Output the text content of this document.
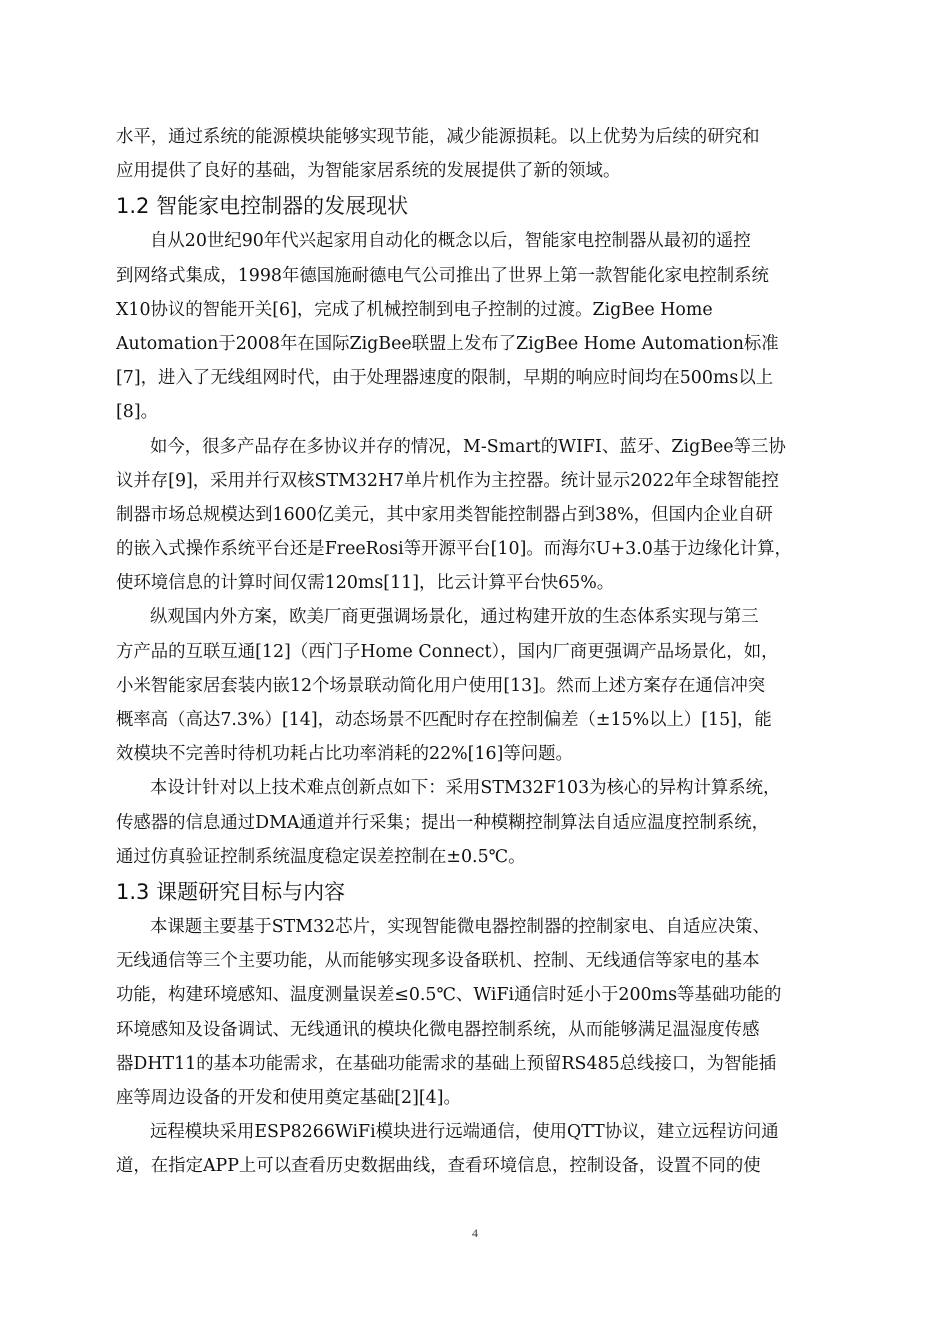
水平，通过系统的能源模块能够实现节能，减少能源损耗。以上优势为后续的研究和
应用提供了良好的基础，为智能家居系统的发展提供了新的领域。
1.2 智能家电控制器的发展现状
自从20世纪90年代兴起家用自动化的概念以后，智能家电控制器从最初的遥控
到网络式集成，1998年德国施耐德电气公司推出了世界上第一款智能化家电控制系统
X10协议的智能开关[6]，完成了机械控制到电子控制的过渡。ZigBee Home
Automation于2008年在国际ZigBee联盟上发布了ZigBee Home Automation标准
[7]，进入了无线组网时代，由于处理器速度的限制，早期的响应时间均在500ms以上
[8]。
如今，很多产品存在多协议并存的情况，M-Smart的WIFI、蓝牙、ZigBee等三协
议并存[9]，采用并行双核STM32H7单片机作为主控器。统计显示2022年全球智能控
制器市场总规模达到1600亿美元，其中家用类智能控制器占到38%，但国内企业自研
的嵌入式操作系统平台还是FreeRosi等开源平台[10]。而海尔U+3.0基于边缘化计算，
使环境信息的计算时间仅需120ms[11]，比云计算平台快65%。
纵观国内外方案，欧美厂商更强调场景化，通过构建开放的生态体系实现与第三
方产品的互联互通[12]（西门子Home Connect），国内厂商更强调产品场景化，如，
小米智能家居套装内嵌12个场景联动简化用户使用[13]。然而上述方案存在通信冲突
概率高（高达7.3%）[14]，动态场景不匹配时存在控制偏差（±15%以上）[15]，能
效模块不完善时待机功耗占比功率消耗的22%[16]等问题。
本设计针对以上技术难点创新点如下：采用STM32F103为核心的异构计算系统，
传感器的信息通过DMA通道并行采集；提出一种模糊控制算法自适应温度控制系统，
通过仿真验证控制系统温度稳定误差控制在±0.5℃。
1.3 课题研究目标与内容
本课题主要基于STM32芯片，实现智能微电器控制器的控制家电、自适应决策、
无线通信等三个主要功能，从而能够实现多设备联机、控制、无线通信等家电的基本
功能，构建环境感知、温度测量误差≤0.5℃、WiFi通信时延小于200ms等基础功能的
环境感知及设备调试、无线通讯的模块化微电器控制系统，从而能够满足温湿度传感
器DHT11的基本功能需求，在基础功能需求的基础上预留RS485总线接口，为智能插
座等周边设备的开发和使用奠定基础[2][4]。
远程模块采用ESP8266WiFi模块进行远端通信，使用QTT协议，建立远程访问通
道，在指定APP上可以查看历史数据曲线，查看环境信息，控制设备，设置不同的使
4
